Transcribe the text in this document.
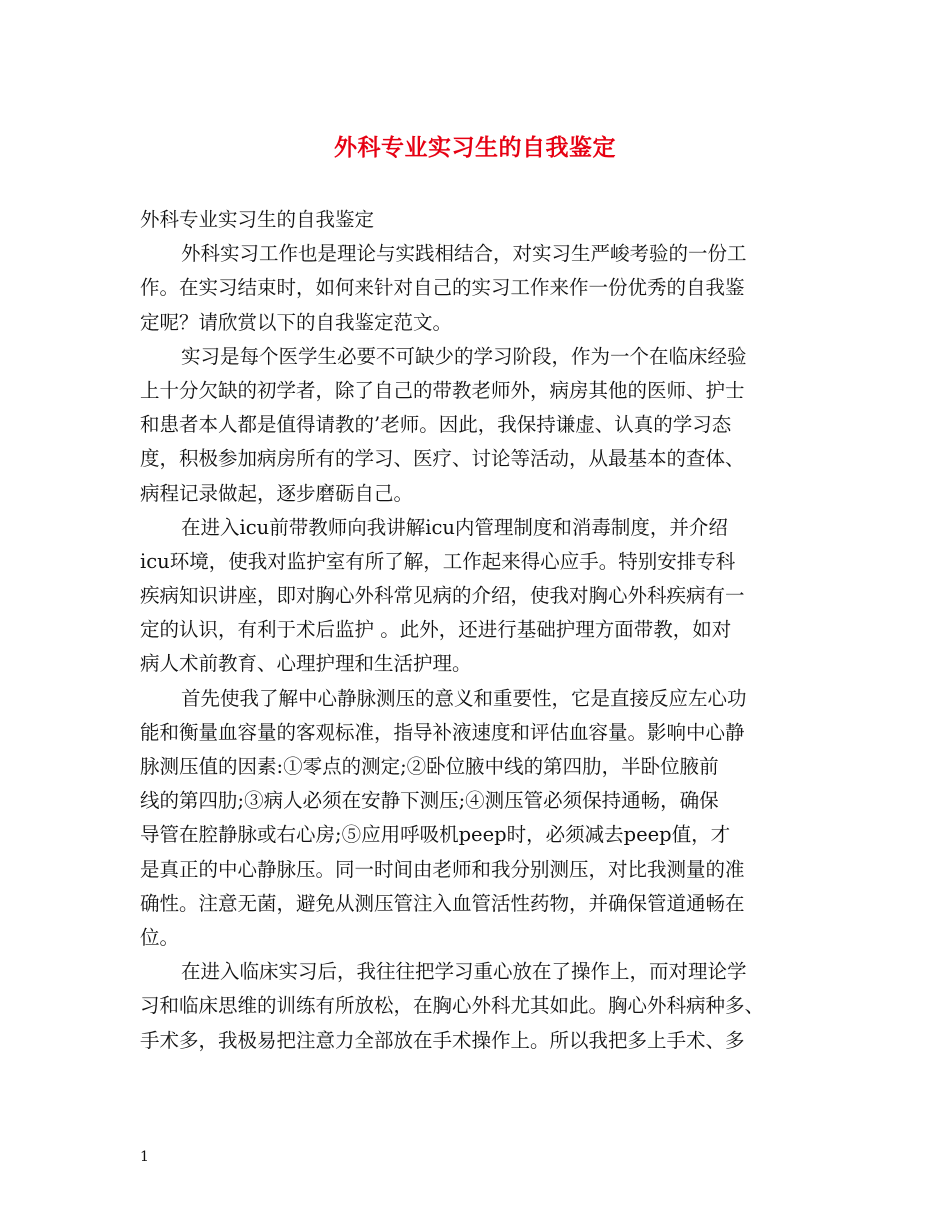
外科专业实习生的自我鉴定
外科专业实习生的自我鉴定
外科实习工作也是理论与实践相结合，对实习生严峻考验的一份工
作。在实习结束时，如何来针对自己的实习工作来作一份优秀的自我鉴
定呢？请欣赏以下的自我鉴定范文。
实习是每个医学生必要不可缺少的学习阶段，作为一个在临床经验
上十分欠缺的初学者，除了自己的带教老师外，病房其他的医师、护士
和患者本人都是值得请教的’老师。因此，我保持谦虚、认真的学习态
度，积极参加病房所有的学习、医疗、讨论等活动，从最基本的查体、
病程记录做起，逐步磨砺自己。
在进入icu前带教师向我讲解icu内管理制度和消毒制度，并介绍
icu环境，使我对监护室有所了解，工作起来得心应手。特别安排专科
疾病知识讲座，即对胸心外科常见病的介绍，使我对胸心外科疾病有一
定的认识，有利于术后监护 。此外，还进行基础护理方面带教，如对
病人术前教育、心理护理和生活护理。
首先使我了解中心静脉测压的意义和重要性，它是直接反应左心功
能和衡量血容量的客观标准，指导补液速度和评估血容量。影响中心静
脉测压值的因素:①零点的测定;②卧位腋中线的第四肋，半卧位腋前
线的第四肋;③病人必须在安静下测压;④测压管必须保持通畅，确保
导管在腔静脉或右心房;⑤应用呼吸机peep时，必须减去peep值，才
是真正的中心静脉压。同一时间由老师和我分别测压，对比我测量的准
确性。注意无菌，避免从测压管注入血管活性药物，并确保管道通畅在
位。
在进入临床实习后，我往往把学习重心放在了操作上，而对理论学
习和临床思维的训练有所放松，在胸心外科尤其如此。胸心外科病种多、
手术多，我极易把注意力全部放在手术操作上。所以我把多上手术、多
1
